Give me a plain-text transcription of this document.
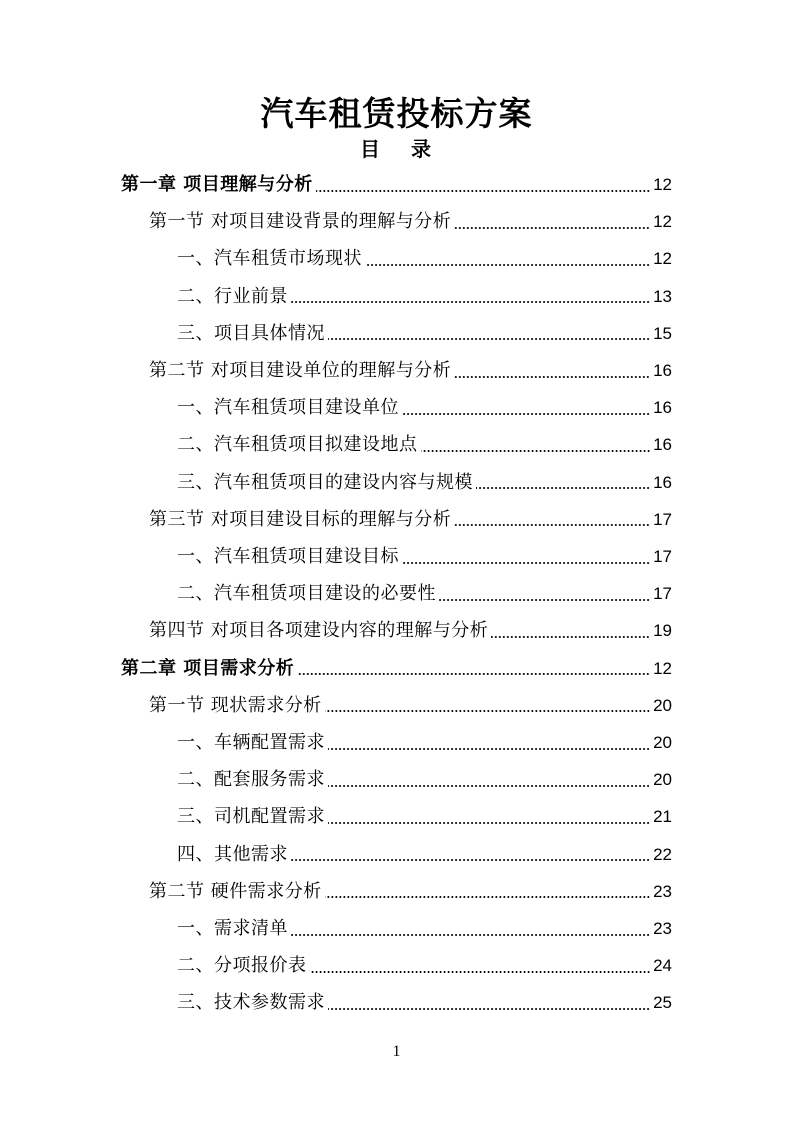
汽车租赁投标方案
目 录
第一章 项目理解与分析	12
第一节 对项目建设背景的理解与分析	12
一、汽车租赁市场现状	12
二、行业前景	13
三、项目具体情况	15
第二节 对项目建设单位的理解与分析	16
一、汽车租赁项目建设单位	16
二、汽车租赁项目拟建设地点	16
三、汽车租赁项目的建设内容与规模	16
第三节 对项目建设目标的理解与分析	17
一、汽车租赁项目建设目标	17
二、汽车租赁项目建设的必要性	17
第四节 对项目各项建设内容的理解与分析	19
第二章 项目需求分析	12
第一节 现状需求分析	20
一、车辆配置需求	20
二、配套服务需求	20
三、司机配置需求	21
四、其他需求	22
第二节 硬件需求分析	23
一、需求清单	23
二、分项报价表	24
三、技术参数需求	25
1
